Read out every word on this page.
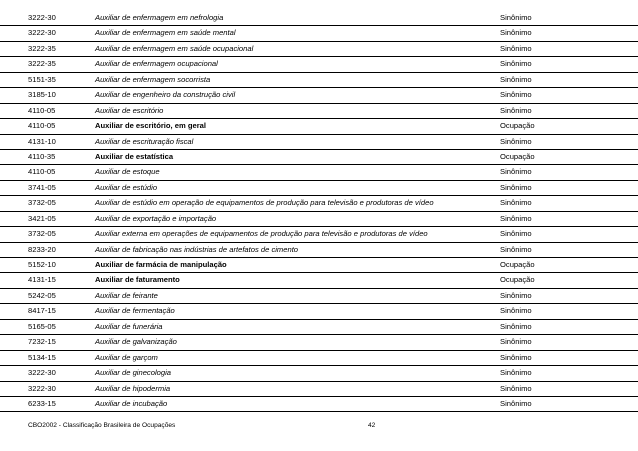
3222-30	Auxiliar de enfermagem em nefrologia	Sinônimo
3222-30	Auxiliar de enfermagem em saúde mental	Sinônimo
3222-35	Auxiliar de enfermagem em saúde ocupacional	Sinônimo
3222-35	Auxiliar de enfermagem ocupacional	Sinônimo
5151-35	Auxiliar de enfermagem socorrista	Sinônimo
3185-10	Auxiliar de engenheiro da construção civil	Sinônimo
4110-05	Auxiliar de escritório	Sinônimo
4110-05	Auxiliar de escritório, em geral	Ocupação
4131-10	Auxiliar de escrituração fiscal	Sinônimo
4110-35	Auxiliar de estatística	Ocupação
4110-05	Auxiliar de estoque	Sinônimo
3741-05	Auxiliar de estúdio	Sinônimo
3732-05	Auxiliar de estúdio em operação de equipamentos de produção para televisão e produtoras de vídeo	Sinônimo
3421-05	Auxiliar de exportação e importação	Sinônimo
3732-05	Auxiliar externa em operações de equipamentos de produção para televisão e produtoras de vídeo	Sinônimo
8233-20	Auxiliar de fabricação nas indústrias de artefatos de cimento	Sinônimo
5152-10	Auxiliar de farmácia de manipulação	Ocupação
4131-15	Auxiliar de faturamento	Ocupação
5242-05	Auxiliar de feirante	Sinônimo
8417-15	Auxiliar de fermentação	Sinônimo
5165-05	Auxiliar de funerária	Sinônimo
7232-15	Auxiliar de galvanização	Sinônimo
5134-15	Auxiliar de garçom	Sinônimo
3222-30	Auxiliar de ginecologia	Sinônimo
3222-30	Auxiliar de hipodermia	Sinônimo
6233-15	Auxiliar de incubação	Sinônimo
CBO2002 - Classificação Brasileira de Ocupações	42
